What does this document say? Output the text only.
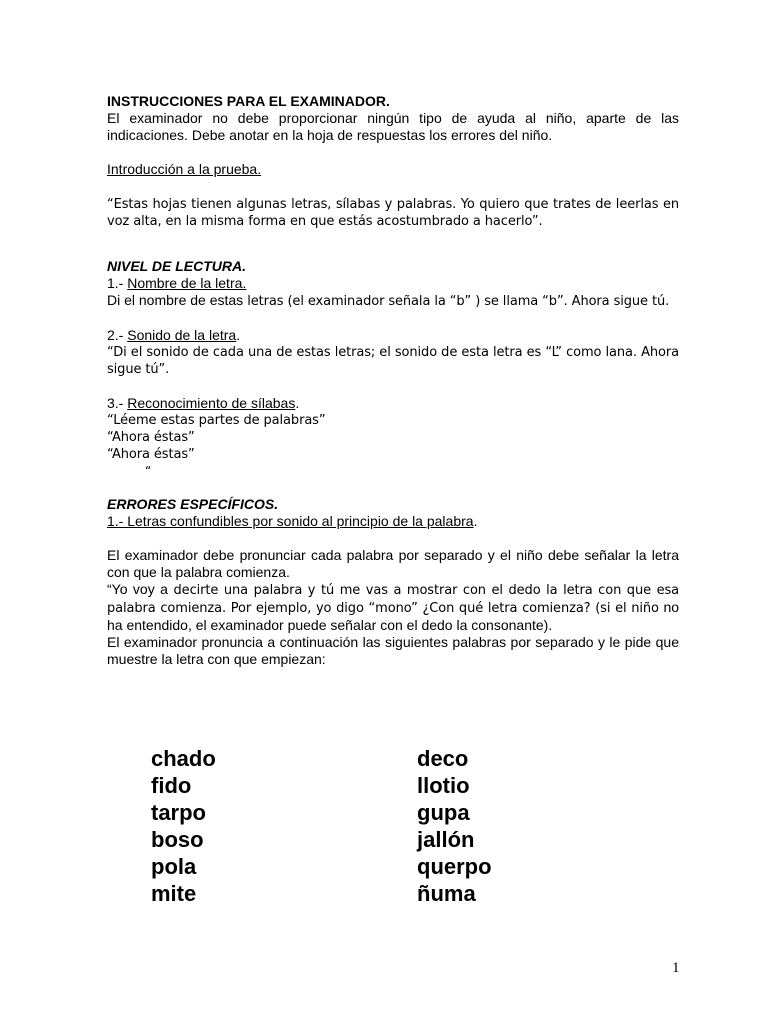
INSTRUCCIONES PARA EL EXAMINADOR.

El examinador no debe proporcionar ningún tipo de ayuda al niño, aparte de las indicaciones. Debe anotar en la hoja de respuestas los errores del niño.

Introducción a la prueba.

“Estas hojas tienen algunas letras, sílabas y palabras. Yo quiero que trates de leerlas en voz alta, en la misma forma en que estás acostumbrado a hacerlo”.

NIVEL DE LECTURA.

1.- Nombre de la letra.

Di el nombre de estas letras (el examinador señala la “b” ) se llama “b”. Ahora sigue tú.

2.- Sonido de la letra.

“Di el sonido de cada una de estas letras; el sonido de esta letra es “L” como lana. Ahora sigue tú”.

3.- Reconocimiento de sílabas.

“Léeme estas partes de palabras”

“Ahora éstas”

“Ahora éstas”

“

ERRORES ESPECÍFICOS.

1.- Letras confundibles por sonido al principio de la palabra.

El examinador debe pronunciar cada palabra por separado y el niño debe señalar la letra con que la palabra comienza.

“Yo voy a decirte una palabra y tú me vas a mostrar con el dedo la letra con que esa palabra comienza. Por ejemplo, yo digo “mono” ¿Con qué letra comienza? (si el niño no ha entendido, el examinador puede señalar con el dedo la consonante).

El examinador pronuncia a continuación las siguientes palabras por separado y le pide que muestre la letra con que empiezan:

chado
fido
tarpo
boso
pola
mite
deco
llotio
gupa
jallón
querpo
ñuma
1
